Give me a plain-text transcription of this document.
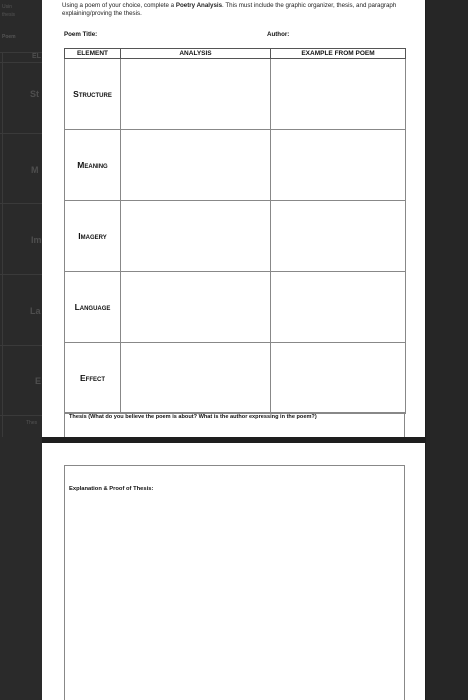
Usin
thesis
Poem
EL
St
M
Im
La
E
Thes

Using a poem of your choice, complete a Poetry Analysis. This must include the graphic organizer, thesis, and paragraph explaining/proving the thesis.

Poem Title:	Author:
ELEMENT	ANALYSIS	EXAMPLE FROM POEM
Structure		
Meaning		
Imagery		
Language		
Effect		
Thesis (What do you believe the poem is about? What is the author expressing in the poem?)
Explanation & Proof of Thesis:
